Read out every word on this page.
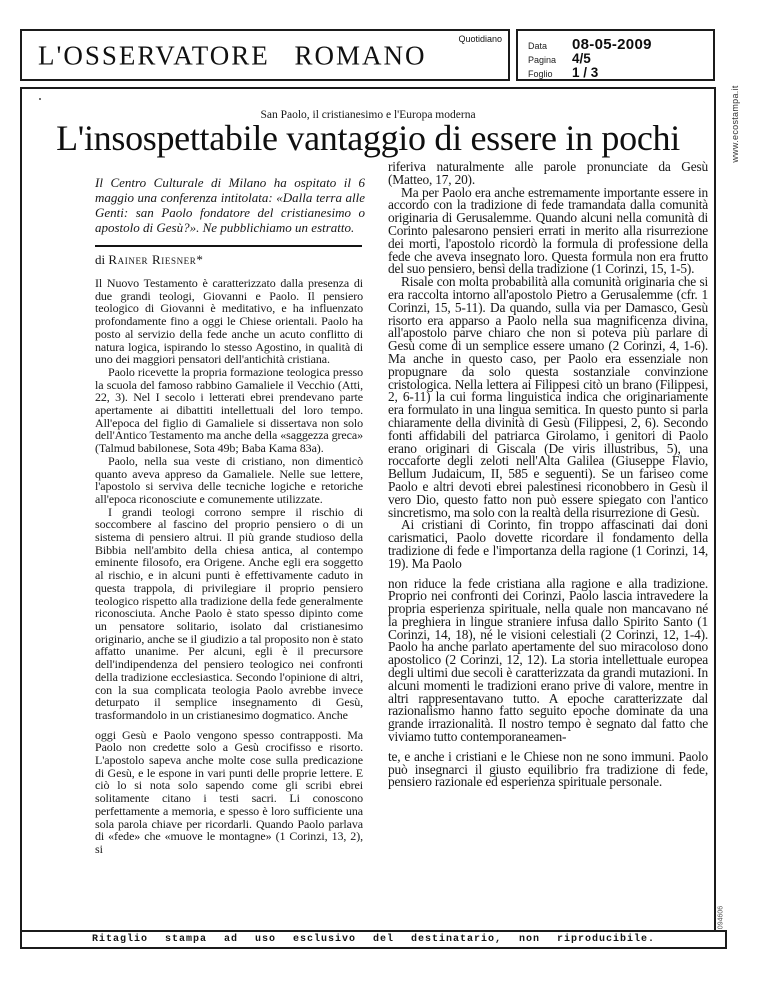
L'OSSERVATORE ROMANO
Quotidiano
Data	08-05-2009
Pagina	4/5
Foglio	1 / 3
San Paolo, il cristianesimo e l'Europa moderna
L'insospettabile vantaggio di essere in pochi
Il Centro Culturale di Milano ha ospitato il 6 maggio una conferenza intitolata: «Dalla terra alle Genti: san Paolo fondatore del cristianesimo o apostolo di Gesù?». Ne pubblichiamo un estratto.
di Rainer Riesner*

Il Nuovo Testamento è caratterizzato dalla presenza di due grandi teologi, Giovanni e Paolo. Il pensiero teologico di Giovanni è meditativo, e ha influenzato profondamente fino a oggi le Chiese orientali. Paolo ha posto al servizio della fede anche un acuto conflitto di natura logica, ispirando lo stesso Agostino, in qualità di uno dei maggiori pensatori dell'antichità cristiana.

Paolo ricevette la propria formazione teologica presso la scuola del famoso rabbino Gamaliele il Vecchio (Atti, 22, 3). Nel I secolo i letterati ebrei prendevano parte apertamente ai dibattiti intellettuali del loro tempo. All'epoca del figlio di Gamaliele si dissertava non solo dell'Antico Testamento ma anche della «saggezza greca» (Talmud babilonese, Sota 49b; Baba Kama 83a).

Paolo, nella sua veste di cristiano, non dimenticò quanto aveva appreso da Gamaliele. Nelle sue lettere, l'apostolo si serviva delle tecniche logiche e retoriche all'epoca riconosciute e comunemente utilizzate.

I grandi teologi corrono sempre il rischio di soccombere al fascino del proprio pensiero o di un sistema di pensiero altrui. Il più grande studioso della Bibbia nell'ambito della chiesa antica, al contempo eminente filosofo, era Origene. Anche egli era soggetto al rischio, e in alcuni punti è effettivamente caduto in questa trappola, di privilegiare il proprio pensiero teologico rispetto alla tradizione della fede generalmente riconosciuta. Anche Paolo è stato spesso dipinto come un pensatore solitario, isolato dal cristianesimo originario, anche se il giudizio a tal proposito non è stato affatto unanime. Per alcuni, egli è il precursore dell'indipendenza del pensiero teologico nei confronti della tradizione ecclesiastica. Secondo l'opinione di altri, con la sua complicata teologia Paolo avrebbe invece deturpato il semplice insegnamento di Gesù, trasformandolo in un cristianesimo dogmatico. Anche

oggi Gesù e Paolo vengono spesso contrapposti. Ma Paolo non credette solo a Gesù crocifisso e risorto. L'apostolo sapeva anche molte cose sulla predicazione di Gesù, e le espone in vari punti delle proprie lettere. E ciò lo si nota solo sapendo come gli scribi ebrei solitamente citano i testi sacri. Li conoscono perfettamente a memoria, e spesso è loro sufficiente una sola parola chiave per ricordarli. Quando Paolo parlava di «fede» che «muove le montagne» (1 Corinzi, 13, 2), si

riferiva naturalmente alle parole pronunciate da Gesù (Matteo, 17, 20).

Ma per Paolo era anche estremamente importante essere in accordo con la tradizione di fede tramandata dalla comunità originaria di Gerusalemme. Quando alcuni nella comunità di Corinto palesarono pensieri errati in merito alla risurrezione dei morti, l'apostolo ricordò la formula di professione della fede che aveva insegnato loro. Questa formula non era frutto del suo pensiero, bensì della tradizione (1 Corinzi, 15, 1-5).

Risale con molta probabilità alla comunità originaria che si era raccolta intorno all'apostolo Pietro a Gerusalemme (cfr. 1 Corinzi, 15, 5-11). Da quando, sulla via per Damasco, Gesù risorto era apparso a Paolo nella sua magnificenza divina, all'apostolo parve chiaro che non si poteva più parlare di Gesù come di un semplice essere umano (2 Corinzi, 4, 1-6). Ma anche in questo caso, per Paolo era essenziale non propugnare da solo questa sostanziale convinzione cristologica. Nella lettera ai Filippesi citò un brano (Filippesi, 2, 6-11) la cui forma linguistica indica che originariamente era formulato in una lingua semitica. In questo punto si parla chiaramente della divinità di Gesù (Filippesi, 2, 6). Secondo fonti affidabili del patriarca Girolamo, i genitori di Paolo erano originari di Giscala (De viris illustribus, 5), una roccaforte degli zeloti nell'Alta Galilea (Giuseppe Flavio, Bellum Judaicum, II, 585 e seguenti). Se un fariseo come Paolo e altri devoti ebrei palestinesi riconobbero in Gesù il vero Dio, questo fatto non può essere spiegato con l'antico sincretismo, ma solo con la realtà della risurrezione di Gesù.

Ai cristiani di Corinto, fin troppo affascinati dai doni carismatici, Paolo dovette ricordare il fondamento della tradizione di fede e l'importanza della ragione (1 Corinzi, 14, 19). Ma Paolo

non riduce la fede cristiana alla ragione e alla tradizione. Proprio nei confronti dei Corinzi, Paolo lascia intravedere la propria esperienza spirituale, nella quale non mancavano né la preghiera in lingue straniere infusa dallo Spirito Santo (1 Corinzi, 14, 18), né le visioni celestiali (2 Corinzi, 12, 1-4). Paolo ha anche parlato apertamente del suo miracoloso dono apostolico (2 Corinzi, 12, 12). La storia intellettuale europea degli ultimi due secoli è caratterizzata da grandi mutazioni. In alcuni momenti le tradizioni erano prive di valore, mentre in altri rappresentavano tutto. A epoche caratterizzate dal razionalismo hanno fatto seguito epoche dominate da una grande irrazionalità. Il nostro tempo è segnato dal fatto che viviamo tutto contemporaneamen-

te, e anche i cristiani e le Chiese non ne sono immuni. Paolo può insegnarci il giusto equilibrio fra tradizione di fede, pensiero razionale ed esperienza spirituale personale.

www.ecostampa.it
094606
Ritaglio stampa ad uso esclusivo del destinatario, non riproducibile.
